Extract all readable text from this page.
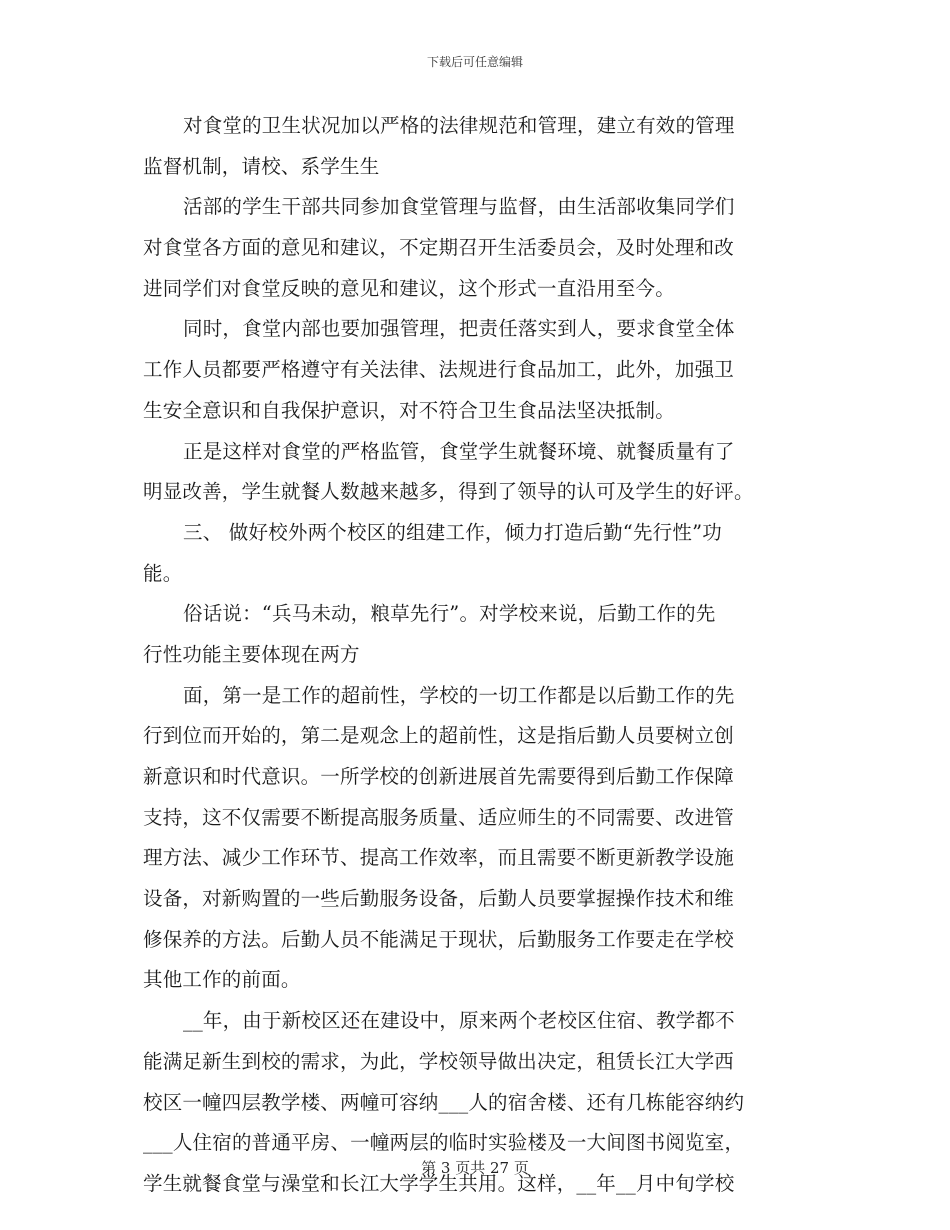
下载后可任意编辑
对食堂的卫生状况加以严格的法律规范和管理，建立有效的管理
监督机制，请校、系学生生
活部的学生干部共同参加食堂管理与监督，由生活部收集同学们
对食堂各方面的意见和建议，不定期召开生活委员会，及时处理和改
进同学们对食堂反映的意见和建议，这个形式一直沿用至今。
同时，食堂内部也要加强管理，把责任落实到人，要求食堂全体
工作人员都要严格遵守有关法律、法规进行食品加工，此外，加强卫
生安全意识和自我保护意识，对不符合卫生食品法坚决抵制。
正是这样对食堂的严格监管，食堂学生就餐环境、就餐质量有了
明显改善，学生就餐人数越来越多，得到了领导的认可及学生的好评。
三、 做好校外两个校区的组建工作，倾力打造后勤“先行性”功
能。
俗话说：“兵马未动，粮草先行”。对学校来说，后勤工作的先
行性功能主要体现在两方
面，第一是工作的超前性，学校的一切工作都是以后勤工作的先
行到位而开始的，第二是观念上的超前性，这是指后勤人员要树立创
新意识和时代意识。一所学校的创新进展首先需要得到后勤工作保障
支持，这不仅需要不断提高服务质量、适应师生的不同需要、改进管
理方法、减少工作环节、提高工作效率，而且需要不断更新教学设施
设备，对新购置的一些后勤服务设备，后勤人员要掌握操作技术和维
修保养的方法。后勤人员不能满足于现状，后勤服务工作要走在学校
其他工作的前面。
__年，由于新校区还在建设中，原来两个老校区住宿、教学都不
能满足新生到校的需求，为此，学校领导做出决定，租赁长江大学西
校区一幢四层教学楼、两幢可容纳___人的宿舍楼、还有几栋能容纳约
___人住宿的普通平房、一幢两层的临时实验楼及一大间图书阅览室，
学生就餐食堂与澡堂和长江大学学生共用。这样，__年__月中旬学校
第 3 页共 27 页
